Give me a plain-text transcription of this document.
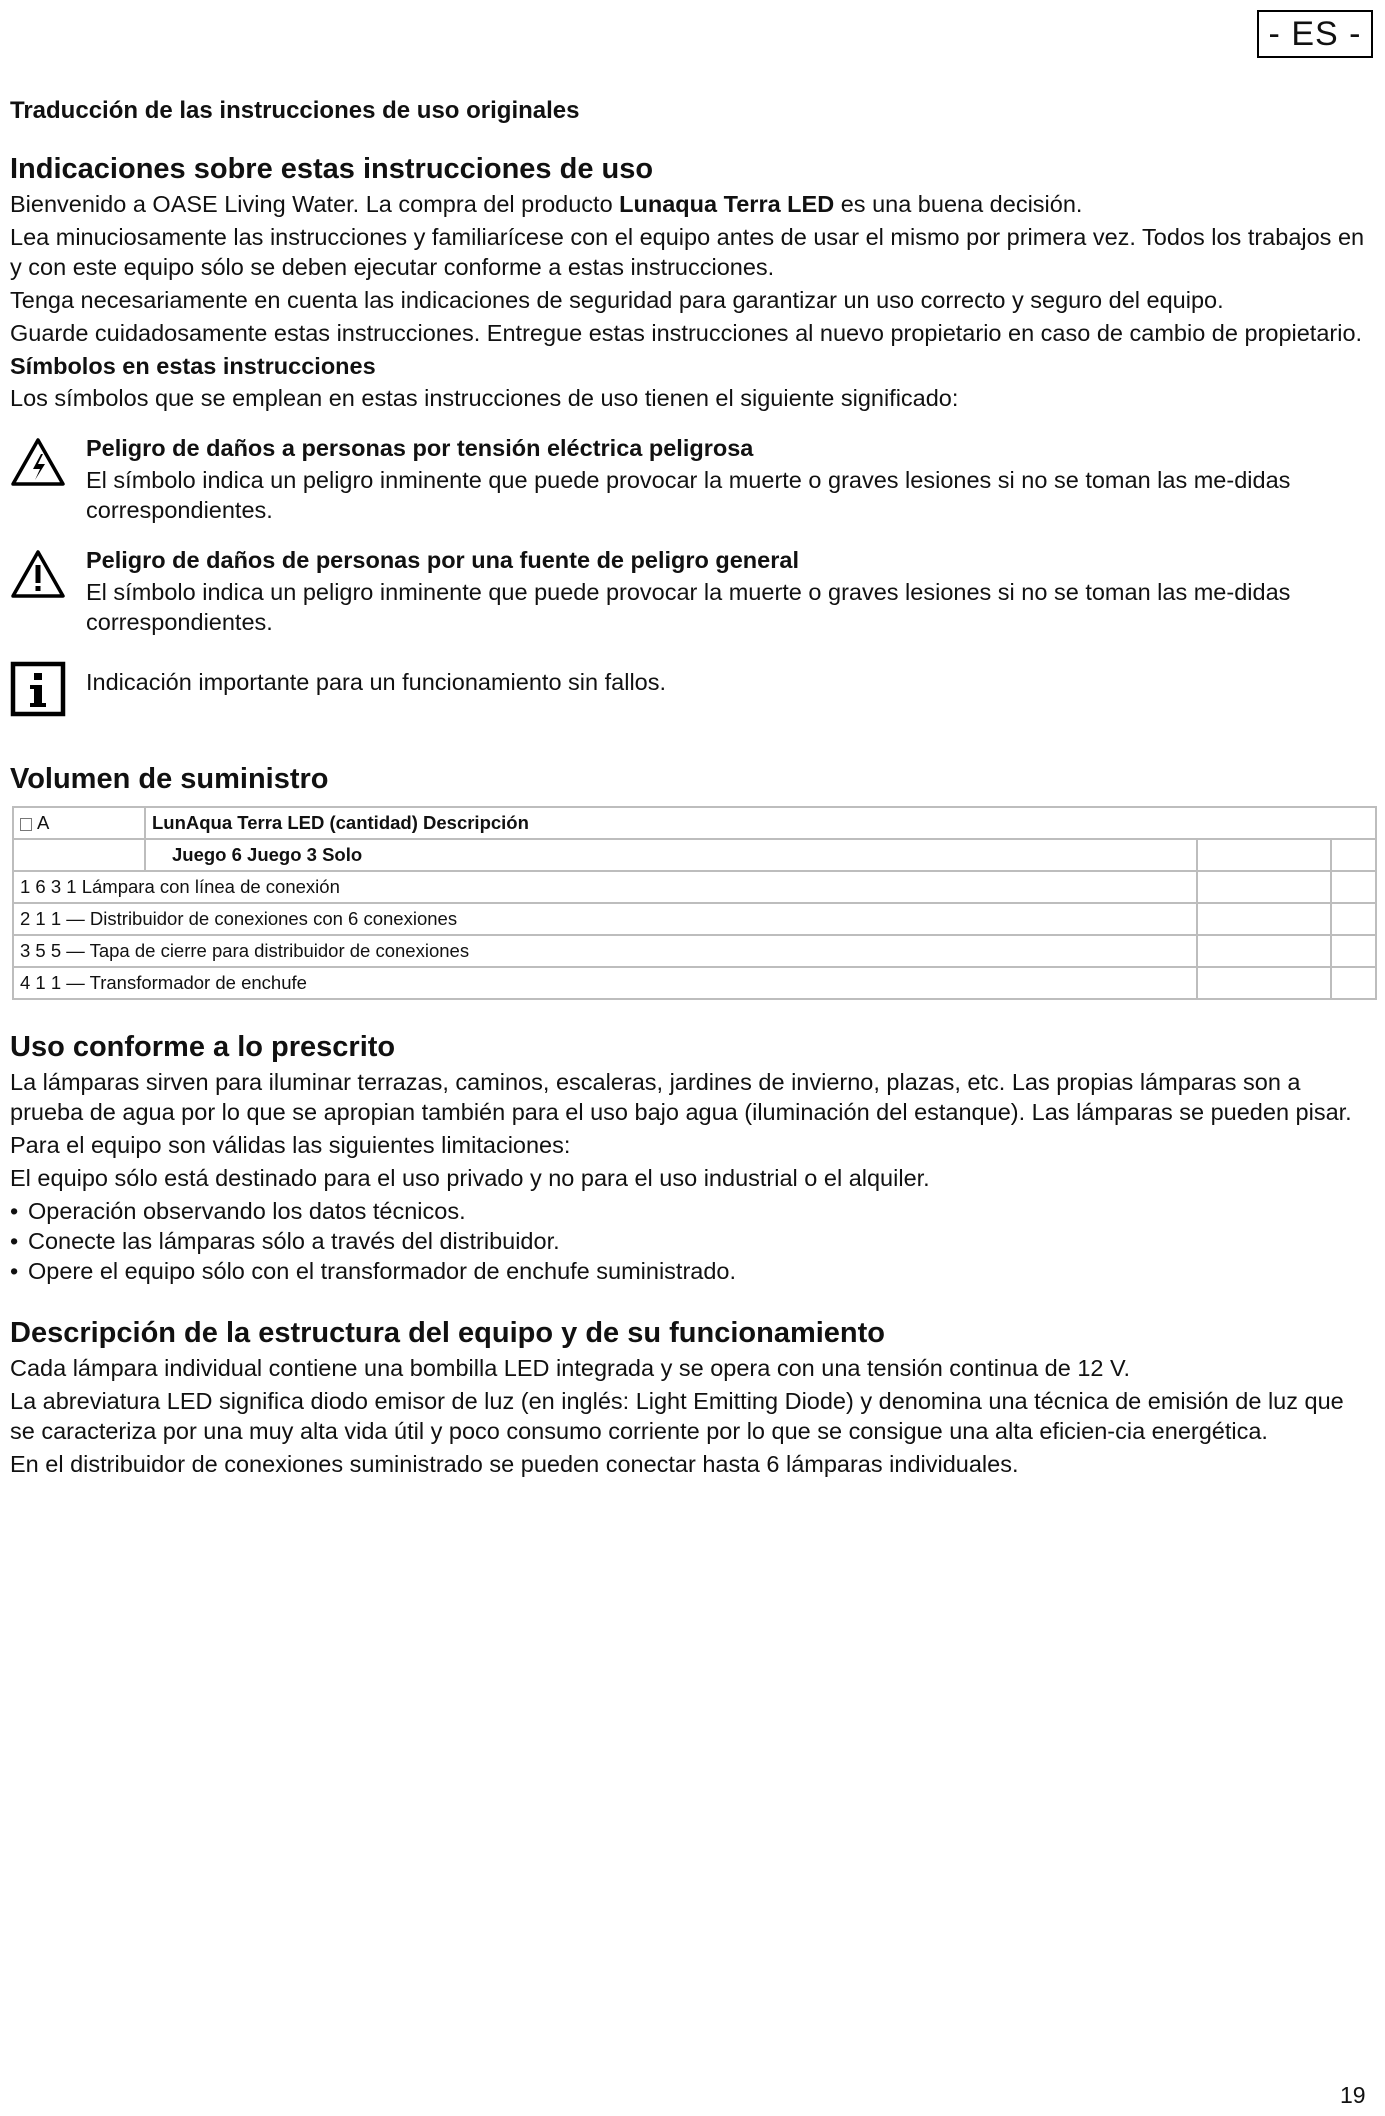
- ES -
Traducción de las instrucciones de uso originales
Indicaciones sobre estas instrucciones de uso

Bienvenido a OASE Living Water. La compra del producto Lunaqua Terra LED es una buena decisión.

Lea minuciosamente las instrucciones y familiarícese con el equipo antes de usar el mismo por primera vez. Todos los trabajos en y con este equipo sólo se deben ejecutar conforme a estas instrucciones.

Tenga necesariamente en cuenta las indicaciones de seguridad para garantizar un uso correcto y seguro del equipo.

Guarde cuidadosamente estas instrucciones. Entregue estas instrucciones al nuevo propietario en caso de cambio de propietario.

Símbolos en estas instrucciones

Los símbolos que se emplean en estas instrucciones de uso tienen el siguiente significado:

Peligro de daños a personas por tensión eléctrica peligrosa

El símbolo indica un peligro inminente que puede provocar la muerte o graves lesiones si no se toman las me-didas correspondientes.

Peligro de daños de personas por una fuente de peligro general

El símbolo indica un peligro inminente que puede provocar la muerte o graves lesiones si no se toman las me-didas correspondientes.

Indicación importante para un funcionamiento sin fallos.

Volumen de suministro
A	LunAqua Terra LED (cantidad) Descripción		
	Juego 6 Juego 3 Solo		
1 6 3 1 Lámpara con línea de conexión			
2 1 1 — Distribuidor de conexiones con 6 conexiones			
3 5 5 — Tapa de cierre para distribuidor de conexiones			
4 1 1 — Transformador de enchufe			
Uso conforme a lo prescrito

La lámparas sirven para iluminar terrazas, caminos, escaleras, jardines de invierno, plazas, etc. Las propias lámparas son a prueba de agua por lo que se apropian también para el uso bajo agua (iluminación del estanque). Las lámparas se pueden pisar.

Para el equipo son válidas las siguientes limitaciones:

El equipo sólo está destinado para el uso privado y no para el uso industrial o el alquiler.

• Operación observando los datos técnicos.
• Conecte las lámparas sólo a través del distribuidor.
• Opere el equipo sólo con el transformador de enchufe suministrado.
Descripción de la estructura del equipo y de su funcionamiento

Cada lámpara individual contiene una bombilla LED integrada y se opera con una tensión continua de 12 V.

La abreviatura LED significa diodo emisor de luz (en inglés: Light Emitting Diode) y denomina una técnica de emisión de luz que se caracteriza por una muy alta vida útil y poco consumo corriente por lo que se consigue una alta eficien-cia energética.

En el distribuidor de conexiones suministrado se pueden conectar hasta 6 lámparas individuales.

19
